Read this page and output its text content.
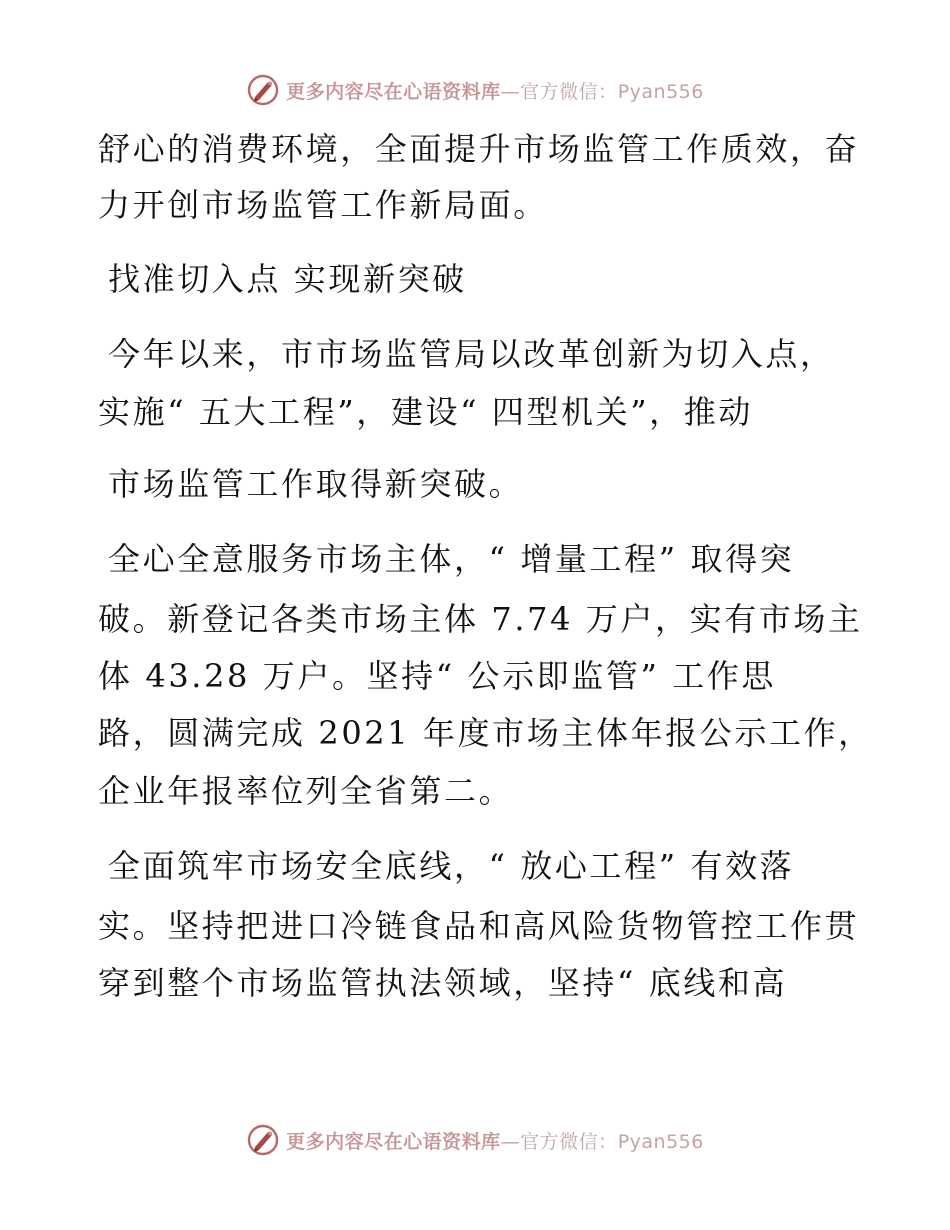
更多内容尽在心语资料库—官方微信：Pyan556
舒心的消费环境，全面提升市场监管工作质效，奋
力开创市场监管工作新局面。
找准切入点 实现新突破
今年以来，市市场监管局以改革创新为切入点，
实施“ 五大工程”，建设“ 四型机关”，推动
市场监管工作取得新突破。
全心全意服务市场主体，“ 增量工程” 取得突
破。新登记各类市场主体 7.74 万户，实有市场主
体 43.28 万户。坚持“ 公示即监管” 工作思
路，圆满完成 2021 年度市场主体年报公示工作，
企业年报率位列全省第二。
全面筑牢市场安全底线，“ 放心工程” 有效落
实。坚持把进口冷链食品和高风险货物管控工作贯
穿到整个市场监管执法领域，坚持“ 底线和高
更多内容尽在心语资料库—官方微信：Pyan556
